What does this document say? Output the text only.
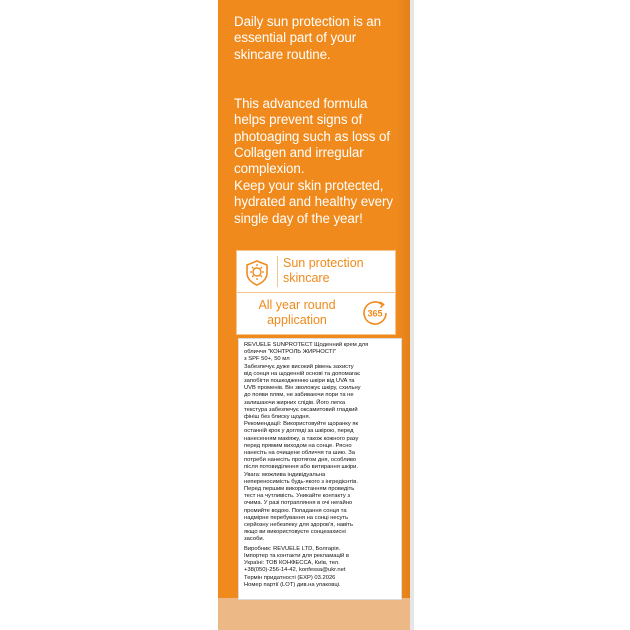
Daily sun protection is an essential part of your skincare routine.
This advanced formula helps prevent signs of photoaging such as loss of Collagen and irregular complexion.
Keep your skin protected, hydrated and healthy every single day of the year!
Sun protection skincare
All year round application	365
REVUELE SUNPROTECT Щоденний крем для
обличчя "КОНТРОЛЬ ЖИРНОСТІ"
з SPF 50+, 50 мл
Забезпечує дуже високий рівень захисту
від сонця на щоденній основі та допомагає
запобігти пошкодженню шкіри від UVA та
UVB променів. Він зволожує шкіру, схильну
до появи плям, не забиваючи пори та не
залишаючи жирних слідів. Його легка
текстура забезпечує оксамитовий гладкий
фініш без блиску щодня.
Рекомендації: Використовуйте щоранку як
останній крок у догляді за шкірою, перед
нанесенням макіяжу, а також кожного разу
перед прямим виходом на сонце. Рясно
нанесіть на очищене обличчя та шию. За
потреби нанесіть протягом дня, особливо
після потовиділення або витирання шкіри.
Увага: можлива індивідуальна
непереносимість будь-якого з інгредієнтів.
Перед першим використанням проведіть
тест на чутливість. Уникайте контакту з
очима. У разі потрапляння в очі негайно
промийте водою. Попадання сонця та
надмірне перебування на сонці несуть
серйозну небезпеку для здоров'я, навіть
якщо ви використовуєте сонцезахисні
засоби.
Виробник: REVUELE LTD, Болгарія.
Імпортер та контакти для рекламацій в
Україні: ТОВ КОНФЕССА, Київ, тел.
+38(050)-256-14-42, konfessa@ukr.net
Термін придатності (EXP) 03.2026
Номер партії (LOT) див.на упаковці.
